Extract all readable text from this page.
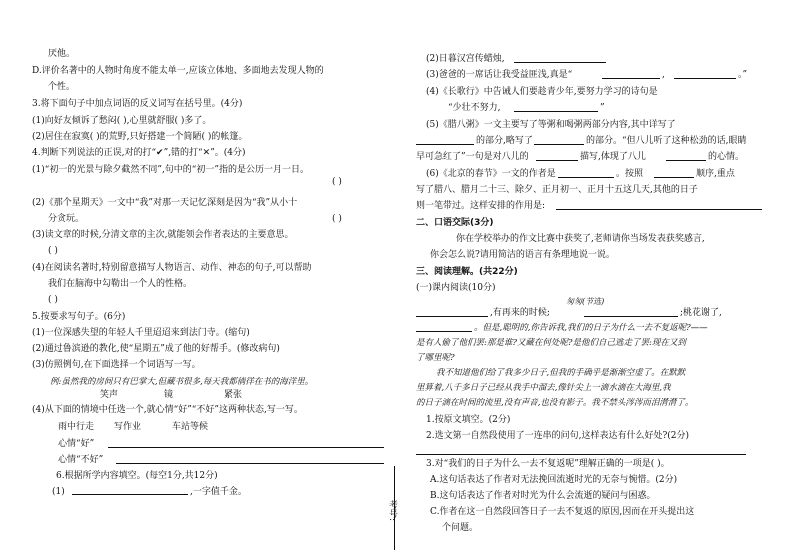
厌他。
D.评价名著中的人物时角度不能太单一,应该立体地、多面地去发现人物的
个性。
3.将下面句子中加点词语的反义词写在括号里。(4分)
(1)向好友倾诉了愁闷( ),心里就舒服( )多了。
(2)居住在寂寞( )的荒野,只好搭建一个简陋( )的帐篷。
4.判断下列说法的正误,对的打“✔”,错的打“✕”。(4分)
(1)“初一的光景与除夕截然不同”,句中的“初一”指的是公历一月一日。
( )
(2)《那个星期天》一文中“我”对那一天记忆深刻是因为“我”从小十
分贪玩。	( )
(3)读文章的时候,分清文章的主次,就能领会作者表达的主要意思。
( )
(4)在阅读名著时,特别留意描写人物语言、动作、神态的句子,可以帮助
我们在脑海中勾勒出一个人的性格。
( )
5.按要求写句子。(6分)
(1)一位深感失望的年轻人千里迢迢来到法门寺。(缩句)
(2)通过鲁滨逊的教化,使“星期五”成了他的好帮手。(修改病句)
(3)仿照例句,在下面选择一个词语写一写。
例:虽然我的房间只有巴掌大,但藏书很多,每天我都徜徉在书的海洋里。
笑声	镜	紧张
(4)从下面的情境中任选一个,就心情“好”“不好”这两种状态,写一写。
雨中行走 写作业	车站等候
心情“好”
心情“不好”
6.根据所学内容填空。(每空1分,共12分)
(1)	,一字值千金。
考号:
(2)日暮汉宫传蜡烛,
(3)爸爸的一席话让我受益匪浅,真是“	,	。”
(4)《长歌行》中告诫人们要趁青少年,要努力学习的诗句是
“少壮不努力,	”
(5)《腊八粥》一文主要写了等粥和喝粥两部分内容,其中详写了
的部分,略写了	的部分。“但八儿听了这种松劲的话,眼睛
早可急红了”一句是对八儿的	描写,体现了八儿	的心情。
(6)《北京的春节》一文的作者是	。按照	顺序,重点
写了腊八、腊月二十三、除夕、正月初一、正月十五这几天,其他的日子
则一笔带过。这样安排的作用是:
二、口语交际(3分)
你在学校举办的作文比赛中获奖了,老师请你当场发表获奖感言,
你会怎么说?请用简洁的语言有条理地说一说。
三、阅读理解。(共22分)
(一)课内阅读(10分)
匆匆(节选)
,有再来的时候;	;桃花谢了,
。但是,聪明的,你告诉我,我们的日子为什么一去不复返呢?——
是有人偷了他们罢:那是谁?又藏在何处呢?是他们自己逃走了罢:现在又到
了哪里呢?
我不知道他们给了我多少日子,但我的手确乎是渐渐空虚了。在默默
里算着,八千多日子已经从我手中溜去,像针尖上一滴水滴在大海里,我
的日子滴在时间的流里,没有声音,也没有影子。我不禁头涔涔而泪潸潸了。
1.按原文填空。(2分)
2.选文第一自然段使用了一连串的问句,这样表达有什么好处?(2分)
3.对“我们的日子为什么一去不复返呢”理解正确的一项是( )。
A.这句话表达了作者对无法挽回流逝时光的无奈与惋惜。(2分)
B.这句话表达了作者对时光为什么会流逝的疑问与困惑。
C.作者在这一自然段回答日子一去不复返的原因,因而在开头提出这
个问题。
